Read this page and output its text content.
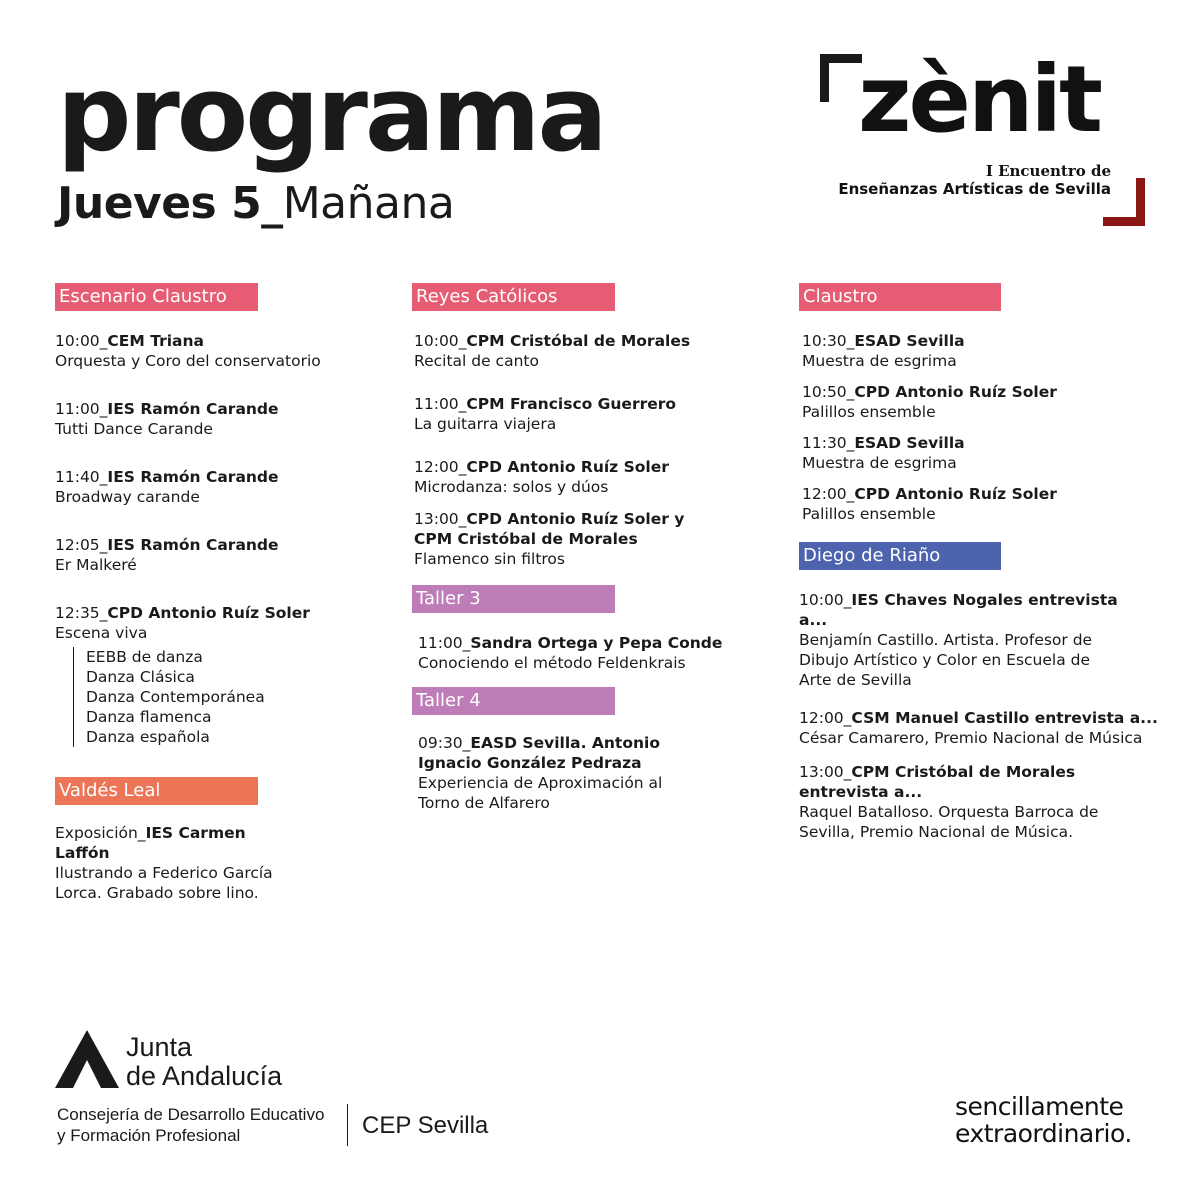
programa
Jueves 5_Mañana
zènit
I Encuentro de
Enseñanzas Artísticas de Sevilla
Escenario Claustro
10:00_CEM Triana
Orquesta y Coro del conservatorio
11:00_IES Ramón Carande
Tutti Dance Carande
11:40_IES Ramón Carande
Broadway carande
12:05_IES Ramón Carande
Er Malkeré
12:35_CPD Antonio Ruíz Soler
Escena viva
EEBB de danza
Danza Clásica
Danza Contemporánea
Danza flamenca
Danza española
Valdés Leal
Exposición_IES Carmen Laffón
Ilustrando a Federico García Lorca. Grabado sobre lino.
Reyes Católicos
10:00_CPM Cristóbal de Morales
Recital de canto
11:00_CPM Francisco Guerrero
La guitarra viajera
12:00_CPD Antonio Ruíz Soler
Microdanza: solos y dúos
13:00_CPD Antonio Ruíz Soler y CPM Cristóbal de Morales
Flamenco sin filtros
Taller 3
11:00_Sandra Ortega y Pepa Conde
Conociendo el método Feldenkrais
Taller 4
09:30_EASD Sevilla. Antonio Ignacio González Pedraza
Experiencia de Aproximación al Torno de Alfarero
Claustro
10:30_ESAD Sevilla
Muestra de esgrima
10:50_CPD Antonio Ruíz Soler
Palillos ensemble
11:30_ESAD Sevilla
Muestra de esgrima
12:00_CPD Antonio Ruíz Soler
Palillos ensemble
Diego de Riaño
10:00_IES Chaves Nogales entrevista a...
Benjamín Castillo. Artista. Profesor de Dibujo Artístico y Color en Escuela de Arte de Sevilla
12:00_CSM Manuel Castillo entrevista a...
César Camarero, Premio Nacional de Música
13:00_CPM Cristóbal de Morales entrevista a...
Raquel Batalloso. Orquesta Barroca de Sevilla, Premio Nacional de Música.
Junta
de Andalucía
Consejería de Desarrollo Educativo
y Formación Profesional	CEP Sevilla
sencillamente
extraordinario.
